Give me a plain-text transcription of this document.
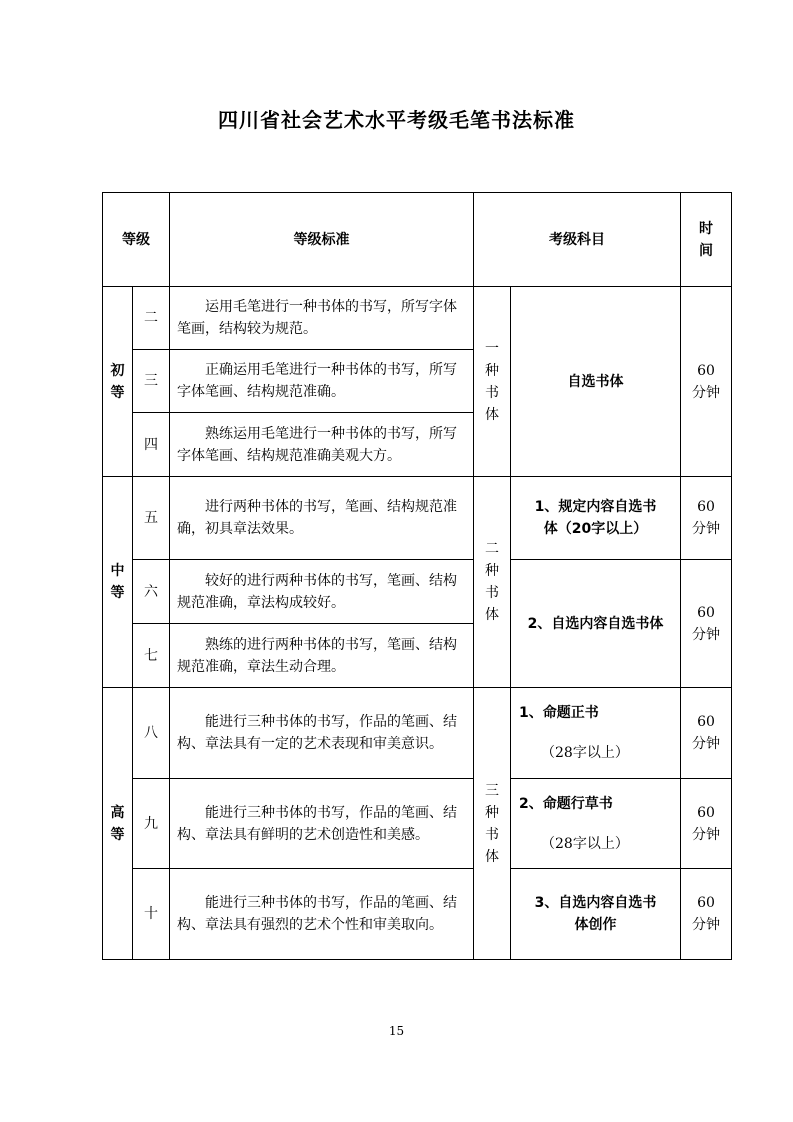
四川省社会艺术水平考级毛笔书法标准
等级		等级标准	考级科目		时间
初等	二	运用毛笔进行一种书体的书写，所写字体笔画，结构较为规范。	一种书体	自选书体	60分钟
	三	正确运用毛笔进行一种书体的书写，所写字体笔画、结构规范准确。			

	四	熟练运用毛笔进行一种书体的书写，所写字体笔画、结构规范准确美观大方。			

中等	五	进行两种书体的书写，笔画、结构规范准确，初具章法效果。	二种书体	1、规定内容自选书体（20字以上）	60分钟
	六	较好的进行两种书体的书写，笔画、结构规范准确，章法构成较好。		2、自选内容自选书体	60分钟
	七	熟练的进行两种书体的书写，笔画、结构规范准确，章法生动合理。			

高等	八	能进行三种书体的书写，作品的笔画、结构、章法具有一定的艺术表现和审美意识。	三种书体	1、命题正书
（28字以上）	60分钟
	九	能进行三种书体的书写，作品的笔画、结构、章法具有鲜明的艺术创造性和美感。		2、命题行草书
（28字以上）	60分钟
	十	能进行三种书体的书写，作品的笔画、结构、章法具有强烈的艺术个性和审美取向。		3、自选内容自选书体创作	60分钟
15
